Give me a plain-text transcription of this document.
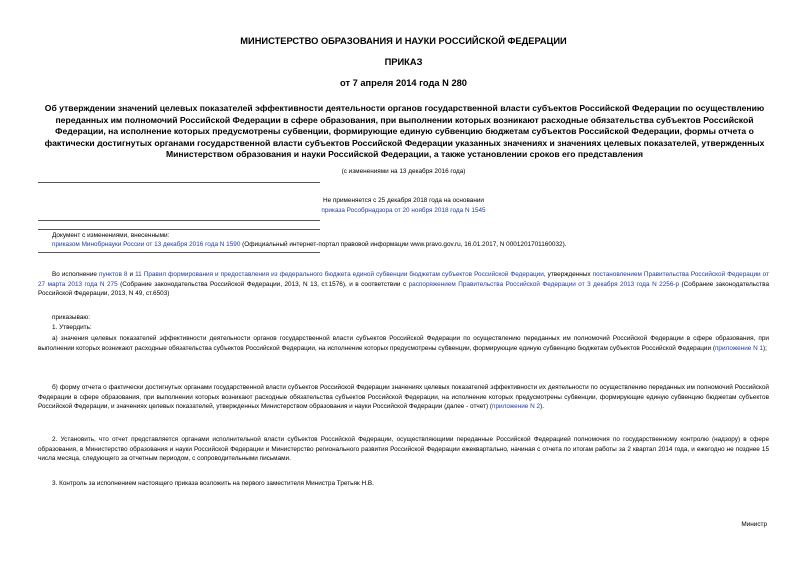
МИНИСТЕРСТВО ОБРАЗОВАНИЯ И НАУКИ РОССИЙСКОЙ ФЕДЕРАЦИИ
ПРИКАЗ
от 7 апреля 2014 года N 280
Об утверждении значений целевых показателей эффективности деятельности органов государственной власти субъектов Российской Федерации по осуществлению переданных им полномочий Российской Федерации в сфере образования, при выполнении которых возникают расходные обязательства субъектов Российской Федерации, на исполнение которых предусмотрены субвенции, формирующие единую субвенцию бюджетам субъектов Российской Федерации, формы отчета о фактически достигнутых органами государственной власти субъектов Российской Федерации указанных значениях и значениях целевых показателей, утвержденных Министерством образования и науки Российской Федерации, а также установлении сроков его представления
(с изменениями на 13 декабря 2016 года)
Не применяется с 25 декабря 2018 года на основании
приказа Рособрнадзора от 20 ноября 2018 года N 1545
Документ с изменениями, внесенными:
приказом Минобрнауки России от 13 декабря 2016 года N 1590 (Официальный интернет-портал правовой информации www.pravo.gov.ru, 16.01.2017, N 0001201701160032).
Во исполнение пунктов 8 и 11 Правил формирования и предоставления из федерального бюджета единой субвенции бюджетам субъектов Российской Федерации, утвержденных постановлением Правительства Российской Федерации от 27 марта 2013 года N 275 (Собрание законодательства Российской Федерации, 2013, N 13, ст.1576), и в соответствии с распоряжением Правительства Российской Федерации от 3 декабря 2013 года N 2256-р (Собрание законодательства Российской Федерации, 2013, N 49, ст.6503)
приказываю:
1. Утвердить:
а) значения целевых показателей эффективности деятельности органов государственной власти субъектов Российской Федерации по осуществлению переданных им полномочий Российской Федерации в сфере образования, при выполнении которых возникают расходные обязательства субъектов Российской Федерации, на исполнение которых предусмотрены субвенции, формирующие единую субвенцию бюджетам субъектов Российской Федерации (приложение N 1);
б) форму отчета о фактически достигнутых органами государственной власти субъектов Российской Федерации значениях целевых показателей эффективности их деятельности по осуществлению переданных им полномочий Российской Федерации в сфере образования, при выполнении которых возникают расходные обязательства субъектов Российской Федерации, на исполнение которых предусмотрены субвенции, формирующие единую субвенцию бюджетам субъектов Российской Федерации, и значениях целевых показателей, утвержденных Министерством образования и науки Российской Федерации (далее - отчет) (приложение N 2).
2. Установить, что отчет представляется органами исполнительной власти субъектов Российской Федерации, осуществляющими переданные Российской Федерацией полномочия по государственному контролю (надзору) в сфере образования, в Министерство образования и науки Российской Федерации и Министерство регионального развития Российской Федерации ежеквартально, начиная с отчета по итогам работы за 2 квартал 2014 года, и ежегодно не позднее 15 числа месяца, следующего за отчетным периодом, с сопроводительными письмами.
3. Контроль за исполнением настоящего приказа возложить на первого заместителя Министра Третьяк Н.В.
Министр
